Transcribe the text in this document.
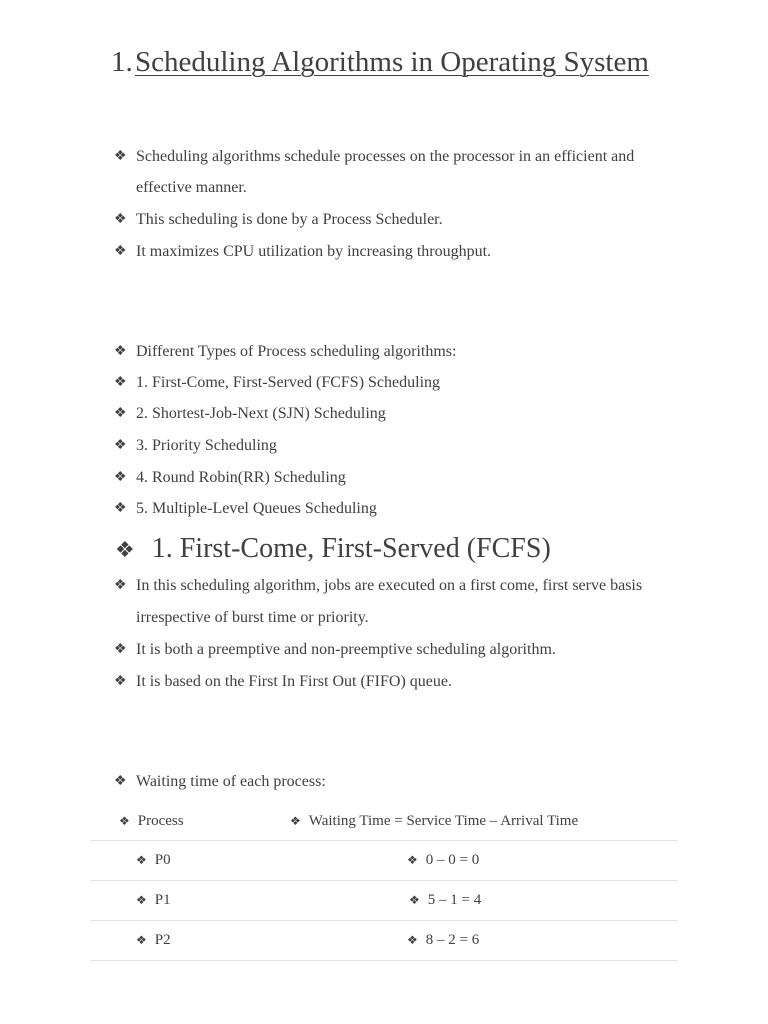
1. Scheduling Algorithms in Operating System
❖ Scheduling algorithms schedule processes on the processor in an efficient and effective manner.
❖ This scheduling is done by a Process Scheduler.
❖ It maximizes CPU utilization by increasing throughput.
❖ Different Types of Process scheduling algorithms:
❖ 1. First-Come, First-Served (FCFS) Scheduling
❖ 2. Shortest-Job-Next (SJN) Scheduling
❖ 3. Priority Scheduling
❖ 4. Round Robin(RR) Scheduling
❖ 5. Multiple-Level Queues Scheduling
❖ 1. First-Come, First-Served (FCFS)
❖ In this scheduling algorithm, jobs are executed on a first come, first serve basis irrespective of burst time or priority.
❖ It is both a preemptive and non-preemptive scheduling algorithm.
❖ It is based on the First In First Out (FIFO) queue.
❖ Waiting time of each process:
❖ Process	❖ Waiting Time = Service Time – Arrival Time
❖ P0	❖ 0 – 0 = 0
❖ P1	❖ 5 – 1 = 4
❖ P2	❖ 8 – 2 = 6
